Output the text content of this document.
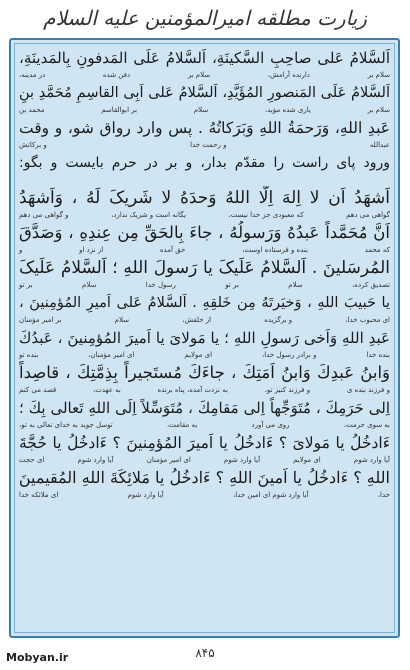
زیارت مطلقه امیرالمؤمنین علیه السلام
اَلسَّلامُ عَلی صاحِبِ السَّکینَةِ، اَلسَّلامُ عَلَی المَدفونِ بِالمَدینَةِ،
سلام بر
دارنده آرامش،
سلام بر
دفن شده
در مدینه،
اَلسَّلامُ عَلَی المَنصورِ المُؤَیَّدِ، اَلسَّلامُ عَلی اَبِی القاسِمِ مُحَمَّدِ بنِ
سلام بر
یاری شده مؤید،
سلام
بر ابوالقاسم
محمد بن
عَبدِ اللهِ، وَرَحمَةُ اللهِ وَبَرَکاتُهُ . پس وارد رواق شو، و وقت
عبدالله
و رحمت خدا
و برکاتش
ورود پای راست را مقدّم بدار، و بر در حرم بایست و بگو:
اَشهَدُ اَن لا اِلهَ اِلَّا اللهُ وَحدَهُ لا شَریکَ لَهُ ، وَاَشهَدُ
گواهی می دهم
که معبودی جز خدا نیست،
یگانه است و شریک ندارد،
و گواهی می دهم
اَنَّ مُحَمَّداً عَبدُهُ وَرَسولُهُ ، جاءَ بِالحَقِّ مِن عِندِهِ ، وَصَدَّقَ
که محمد
بنده و فرستاده اوست،
حق آمده
از نزد او
و
المُرسَلینَ . اَلسَّلامُ عَلَیکَ یا رَسولَ اللهِ ؛ اَلسَّلامُ عَلَیکَ
تصدیق کرده،
سلام
بر تو
رسول خدا
سلام
بر تو
یا حَبیبَ اللهِ ، وَخیَرتَهُ مِن خَلقِهِ . اَلسَّلامُ عَلی اَمیرِ المُؤمِنینَ ،
ای محبوب خدا،
و برگزیده
از خلقش،
سلام
بر امیر مؤمنان
عَبدِ اللهِ وَاَخی رَسولِ اللهِ ؛ یا مَولایَ یا اَمیرَ المُؤمِنینَ ، عَبدُكَ
بنده خدا
و برادر رسول خدا،
ای مولایم
ای امیر مؤمنان،
بنده تو
وَابنُ عَبدِكَ وَابنُ اَمَتِكَ ، جاءَكَ مُستَجیراً بِذِمَّتِكَ ، قاصِداً
و فرزند بنده ی
و فرزند کنیز تو،
به نزدت آمده، پناه برنده
به عهدت،
قصد می کنم
اِلی حَرَمِكَ ، مُتَوَجِّهاً اِلی مَقامِكَ ، مُتَوَسِّلاً اِلَی اللهِ تَعالی بِكَ ؛
به سوی حرمت،
روی می آورد
به مقامت،
توسل جوید به خدای تعالی به تو،
ءَادخُلُ یا مَولایَ ؟ ءَادخُلُ یا اَمیرَ المُؤمِنینَ ؟ ءَادخُلُ یا حُجَّةَ
آیا وارد شوم
ای مولایم
آیا وارد شوم
ای امیر مؤمنان
آیا وارد شوم
ای حجت
اللهِ ؟ ءَادخُلُ یا اَمینَ اللهِ ؟ ءَادخُلُ یا مَلائِکَةَ اللهِ المُقیمینَ
خدا،
آیا وارد شوم ای امین خدا،
آیا وارد شوم
ای ملائکه خدا
Mobyan.ir	۸۴۵
